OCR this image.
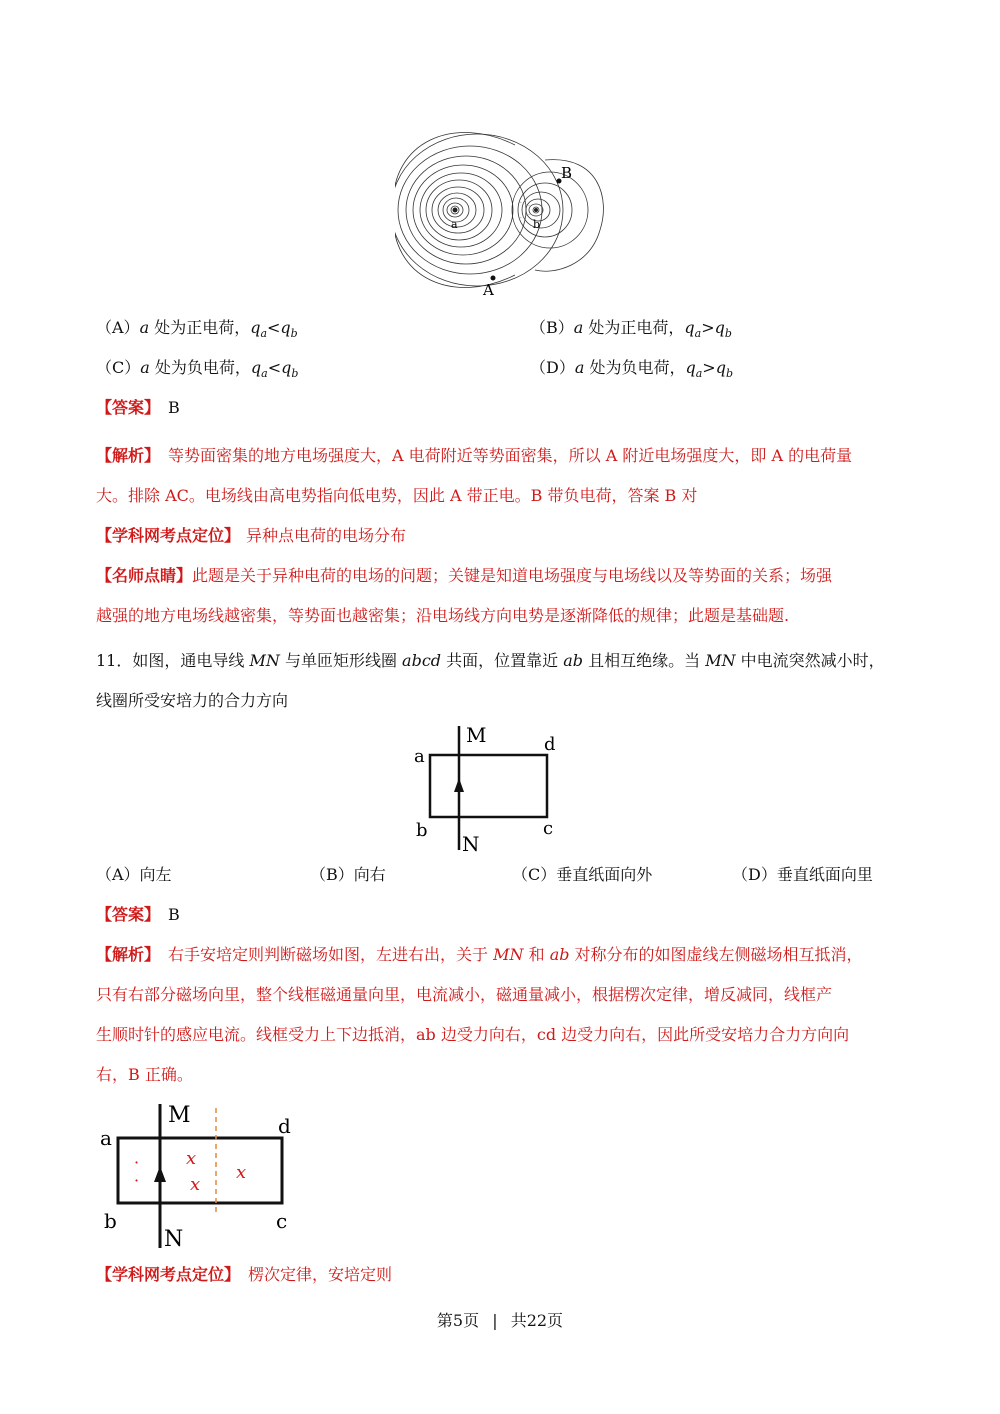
a	b
B
A
（A）a 处为正电荷，$q_a<q_b$	（B）a 处为正电荷，$q_a>q_b$
（C）a 处为负电荷，$q_a<q_b$	（D）a 处为负电荷，$q_a>q_b$
【答案】 B
【解析】 等势面密集的地方电场强度大，A 电荷附近等势面密集，所以 A 附近电场强度大，即 A 的电荷量
大。排除 AC。电场线由高电势指向低电势，因此 A 带正电。B 带负电荷，答案 B 对
【学科网考点定位】 异种点电荷的电场分布
【名师点睛】此题是关于异种电荷的电场的问题；关键是知道电场强度与电场线以及等势面的关系；场强
越强的地方电场线越密集，等势面也越密集；沿电场线方向电势是逐渐降低的规律；此题是基础题.
11．如图，通电导线 MN 与单匝矩形线圈 abcd 共面，位置靠近 ab 且相互绝缘。当 MN 中电流突然减小时，
线圈所受安培力的合力方向
M
N
a
b	c
d
（A）向左	（B）向右	（C）垂直纸面向外	（D）垂直纸面向里
【答案】 B
【解析】 右手安培定则判断磁场如图，左进右出，关于 MN 和 ab 对称分布的如图虚线左侧磁场相互抵消，
只有右部分磁场向里，整个线框磁通量向里，电流减小，磁通量减小，根据楞次定律，增反减同，线框产
生顺时针的感应电流。线框受力上下边抵消，ab 边受力向右，cd 边受力向右，因此所受安培力合力方向向
右，B 正确。
M
N
a
b	c
d
·
·
x
x
x
【学科网考点定位】 楞次定律，安培定则
第5页 | 共22页
